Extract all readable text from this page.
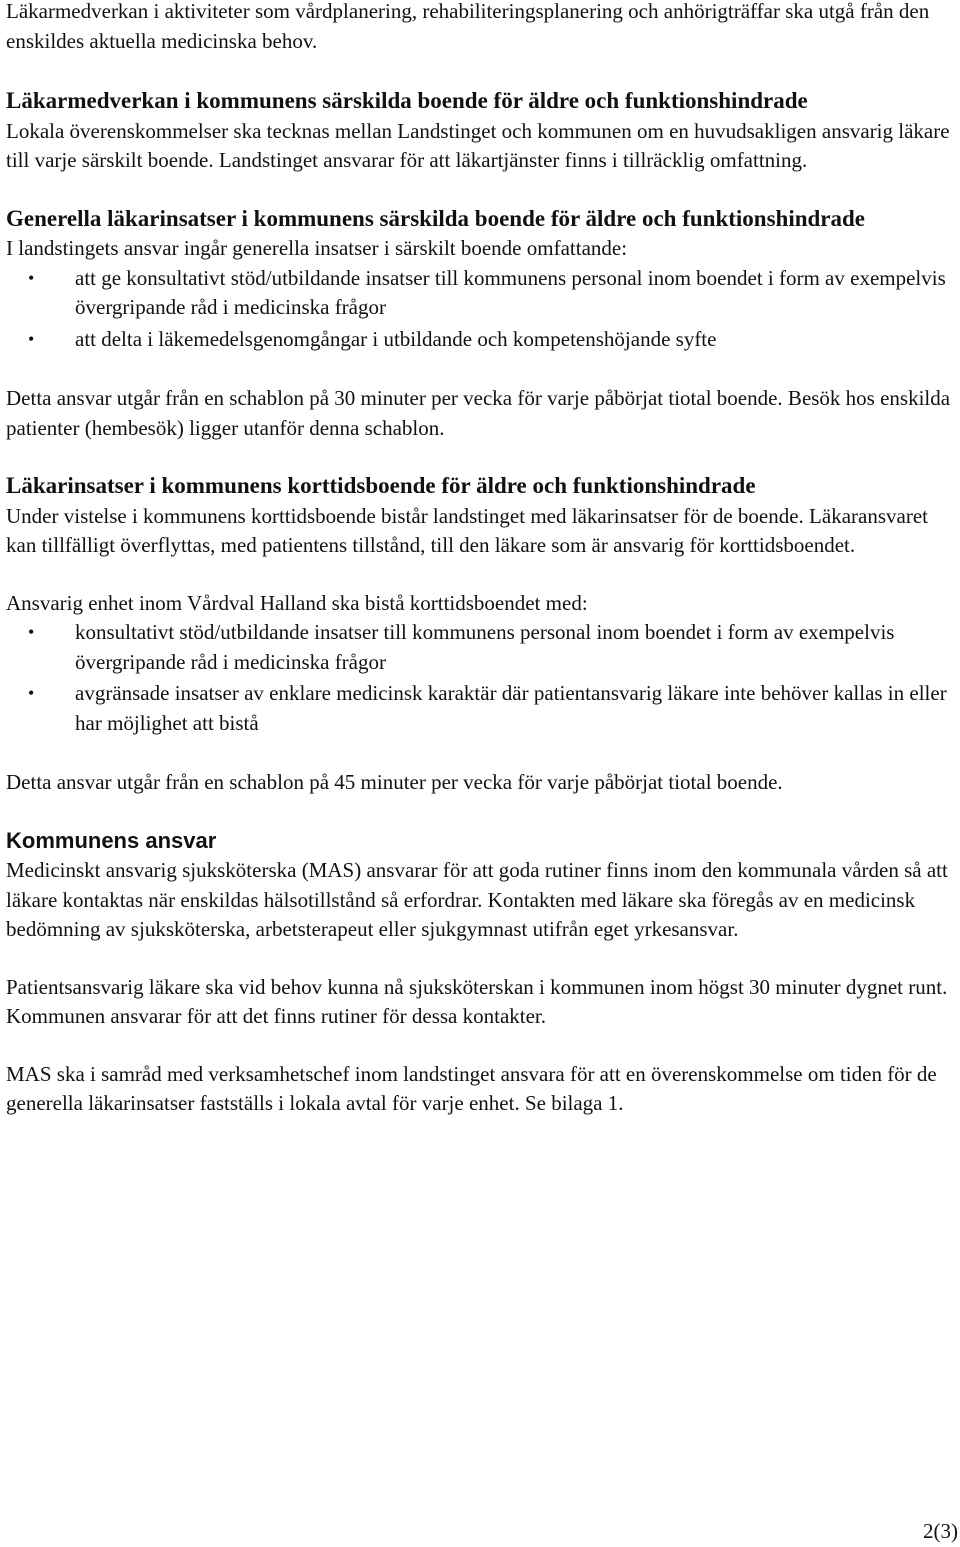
Läkarmedverkan i aktiviteter som vårdplanering, rehabiliteringsplanering och anhörigträffar ska utgå från den enskildes aktuella medicinska behov.

Läkarmedverkan i kommunens särskilda boende för äldre och funktionshindrade

Lokala överenskommelser ska tecknas mellan Landstinget och kommunen om en huvudsakligen ansvarig läkare till varje särskilt boende. Landstinget ansvarar för att läkartjänster finns i tillräcklig omfattning.

Generella läkarinsatser i kommunens särskilda boende för äldre och funktionshindrade

I landstingets ansvar ingår generella insatser i särskilt boende omfattande:

• att ge konsultativt stöd/utbildande insatser till kommunens personal inom boendet i form av exempelvis övergripande råd i medicinska frågor
• att delta i läkemedelsgenomgångar i utbildande och kompetenshöjande syfte

Detta ansvar utgår från en schablon på 30 minuter per vecka för varje påbörjat tiotal boende. Besök hos enskilda patienter (hembesök) ligger utanför denna schablon.

Läkarinsatser i kommunens korttidsboende för äldre och funktionshindrade

Under vistelse i kommunens korttidsboende bistår landstinget med läkarinsatser för de boende. Läkaransvaret kan tillfälligt överflyttas, med patientens tillstånd, till den läkare som är ansvarig för korttidsboendet.

Ansvarig enhet inom Vårdval Halland ska bistå korttidsboendet med:

• konsultativt stöd/utbildande insatser till kommunens personal inom boendet i form av exempelvis övergripande råd i medicinska frågor
• avgränsade insatser av enklare medicinsk karaktär där patientansvarig läkare inte behöver kallas in eller har möjlighet att bistå

Detta ansvar utgår från en schablon på 45 minuter per vecka för varje påbörjat tiotal boende.

Kommunens ansvar

Medicinskt ansvarig sjuksköterska (MAS) ansvarar för att goda rutiner finns inom den kommunala vården så att läkare kontaktas när enskildas hälsotillstånd så erfordrar. Kontakten med läkare ska föregås av en medicinsk bedömning av sjuksköterska, arbetsterapeut eller sjukgymnast utifrån eget yrkesansvar.

Patientsansvarig läkare ska vid behov kunna nå sjuksköterskan i kommunen inom högst 30 minuter dygnet runt. Kommunen ansvarar för att det finns rutiner för dessa kontakter.

MAS ska i samråd med verksamhetschef inom landstinget ansvara för att en överenskommelse om tiden för de generella läkarinsatser fastställs i lokala avtal för varje enhet. Se bilaga 1.

2(3)
